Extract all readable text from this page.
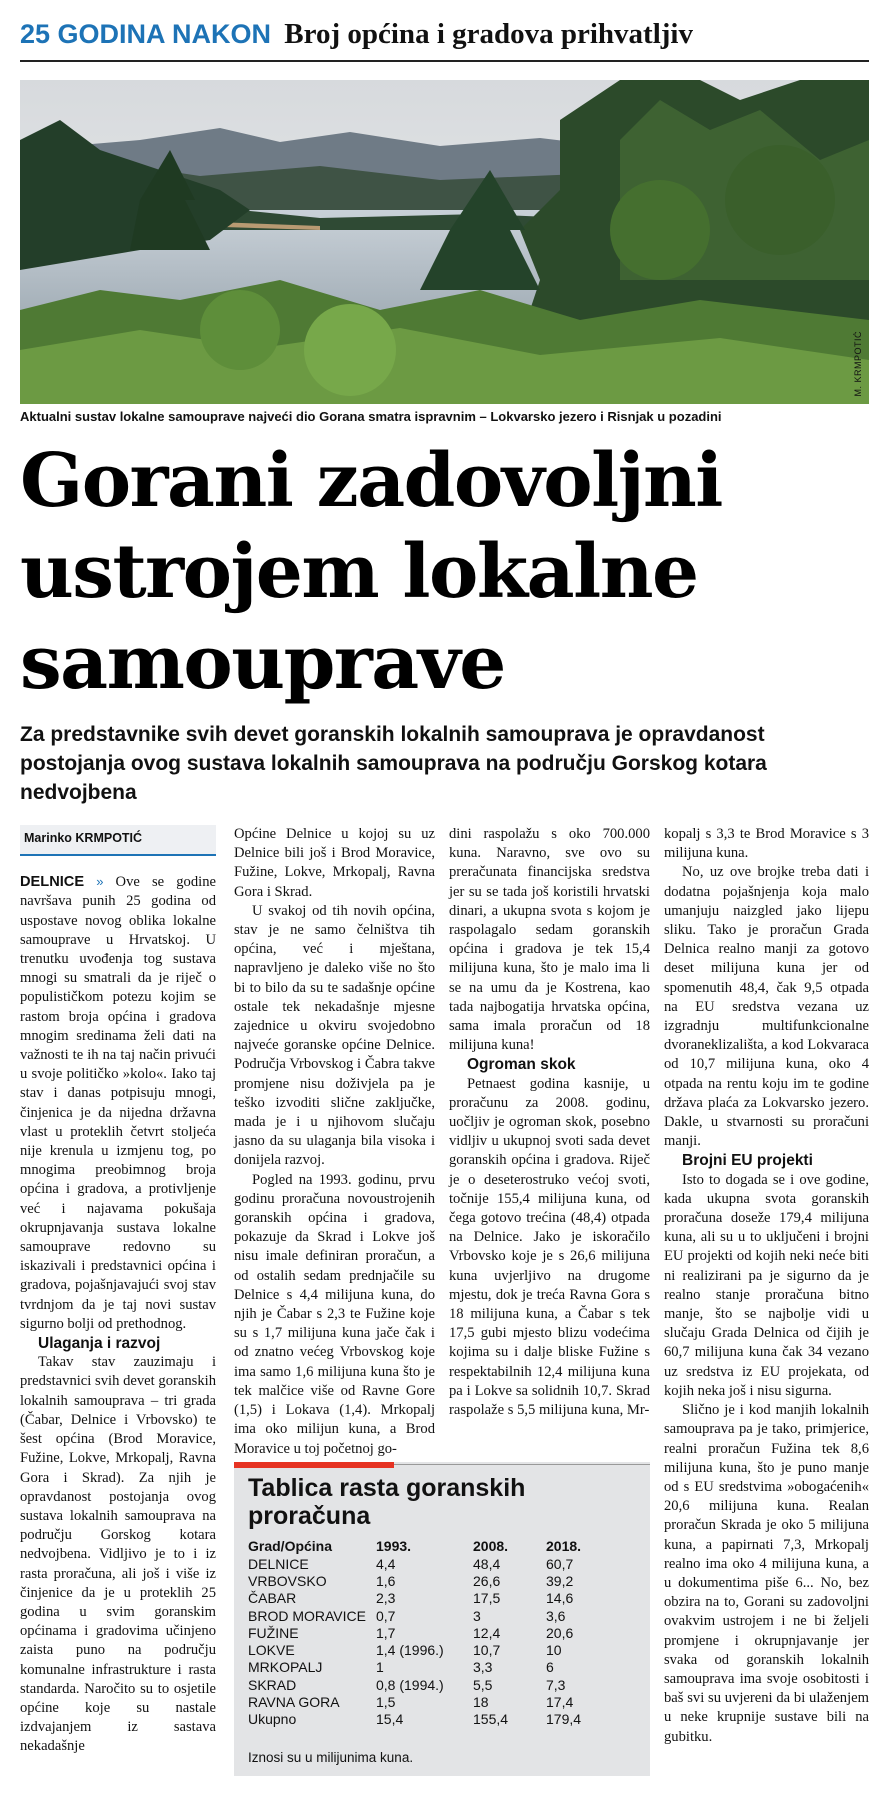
25 GODINA NAKON Broj općina i gradova prihvatljiv
M. KRMPOTIĆ
Aktualni sustav lokalne samouprave najveći dio Gorana smatra ispravnim – Lokvarsko jezero i Risnjak u pozadini
Gorani zadovoljni ustrojem lokalne samouprave

Za predstavnike svih devet goranskih lokalnih samouprava je opravdanost postojanja ovog sustava lokalnih samouprava na području Gorskog kotara nedvojbena

Marinko KRMPOTIĆ

DELNICE » Ove se godine navršava punih 25 godina od uspostave novog oblika lokalne samouprave u Hrvatskoj. U trenutku uvođenja tog sustava mnogi su smatrali da je riječ o populističkom potezu kojim se rastom broja općina i gradova mnogim sredinama želi dati na važnosti te ih na taj način privući u svoje političko »kolo«. Iako taj stav i danas potpisuju mnogi, činjenica je da nijedna državna vlast u proteklih četvrt stoljeća nije krenula u izmjenu tog, po mnogima preobimnog broja općina i gradova, a protivljenje već i najavama pokušaja okrupnjavanja sustava lokalne samouprave redovno su iskazivali i predstavnici općina i gradova, pojašnjavajući svoj stav tvrdnjom da je taj novi sustav sigurno bolji od prethodnog.

Ulaganja i razvoj

Takav stav zauzimaju i predstavnici svih devet goranskih lokalnih samouprava – tri grada (Čabar, Delnice i Vrbovsko) te šest općina (Brod Moravice, Fužine, Lokve, Mrkopalj, Ravna Gora i Skrad). Za njih je opravdanost postojanja ovog sustava lokalnih samouprava na području Gorskog kotara nedvojbena. Vidljivo je to i iz rasta proračuna, ali još i više iz činjenice da je u proteklih 25 godina u svim goranskim općinama i gradovima učinjeno zaista puno na području komunalne infrastrukture i rasta standarda. Naročito su to osjetile općine koje su nastale izdvajanjem iz sastava nekadašnje

Općine Delnice u kojoj su uz Delnice bili još i Brod Moravice, Fužine, Lokve, Mrkopalj, Ravna Gora i Skrad.

U svakoj od tih novih općina, stav je ne samo čelništva tih općina, već i mještana, napravljeno je daleko više no što bi to bilo da su te sadašnje općine ostale tek nekadašnje mjesne zajednice u okviru svojedobno najveće goranske općine Delnice. Područja Vrbovskog i Čabra takve promjene nisu doživjela pa je teško izvoditi slične zaključke, mada je i u njihovom slučaju jasno da su ulaganja bila visoka i donijela razvoj.

Pogled na 1993. godinu, prvu godinu proračuna novoustrojenih goranskih općina i gradova, pokazuje da Skrad i Lokve još nisu imale definiran proračun, a od ostalih sedam prednjačile su Delnice s 4,4 milijuna kuna, do njih je Čabar s 2,3 te Fužine koje su s 1,7 milijuna kuna jače čak i od znatno većeg Vrbovskog koje ima samo 1,6 milijuna kuna što je tek malčice više od Ravne Gore (1,5) i Lokava (1,4). Mrkopalj ima oko milijun kuna, a Brod Moravice u toj početnoj go-

dini raspolažu s oko 700.000 kuna. Naravno, sve ovo su preračunata financijska sredstva jer su se tada još koristili hrvatski dinari, a ukupna svota s kojom je raspolagalo sedam goranskih općina i gradova je tek 15,4 milijuna kuna, što je malo ima li se na umu da je Kostrena, kao tada najbogatija hrvatska općina, sama imala proračun od 18 milijuna kuna!

Ogroman skok

Petnaest godina kasnije, u proračunu za 2008. godinu, uočljiv je ogroman skok, posebno vidljiv u ukupnoj svoti sada devet goranskih općina i gradova. Riječ je o deseterostruko većoj svoti, točnije 155,4 milijuna kuna, od čega gotovo trećina (48,4) otpada na Delnice. Jako je iskoračilo Vrbovsko koje je s 26,6 milijuna kuna uvjerljivo na drugome mjestu, dok je treća Ravna Gora s 18 milijuna kuna, a Čabar s tek 17,5 gubi mjesto blizu vodećima kojima su i dalje bliske Fužine s respektabilnih 12,4 milijuna kuna pa i Lokve sa solidnih 10,7. Skrad raspolaže s 5,5 milijuna kuna, Mr-

kopalj s 3,3 te Brod Moravice s 3 milijuna kuna.

No, uz ove brojke treba dati i dodatna pojašnjenja koja malo umanjuju naizgled jako lijepu sliku. Tako je proračun Grada Delnica realno manji za gotovo deset milijuna kuna jer od spomenutih 48,4, čak 9,5 otpada na EU sredstva vezana uz izgradnju multifunkcionalne dvoraneklizališta, a kod Lokvaraca od 10,7 milijuna kuna, oko 4 otpada na rentu koju im te godine država plaća za Lokvarsko jezero. Dakle, u stvarnosti su proračuni manji.

Brojni EU projekti

Isto to dogada se i ove godine, kada ukupna svota goranskih proračuna doseže 179,4 milijuna kuna, ali su u to uključeni i brojni EU projekti od kojih neki neće biti ni realizirani pa je sigurno da je realno stanje proračuna bitno manje, što se najbolje vidi u slučaju Grada Delnica od čijih je 60,7 milijuna kuna čak 34 vezano uz sredstva iz EU projekata, od kojih neka još i nisu sigurna.

Slično je i kod manjih lokalnih samouprava pa je tako, primjerice, realni proračun Fužina tek 8,6 milijuna kuna, što je puno manje od s EU sredstvima »obogaćenih« 20,6 milijuna kuna. Realan proračun Skrada je oko 5 milijuna kuna, a papirnati 7,3, Mrkopalj realno ima oko 4 milijuna kuna, a u dokumentima piše 6... No, bez obzira na to, Gorani su zadovoljni ovakvim ustrojem i ne bi željeli promjene i okrupnjavanje jer svaka od goranskih lokalnih samouprava ima svoje osobitosti i baš svi su uvjereni da bi ulaženjem u neke krupnije sustave bili na gubitku.

Tablica rasta goranskih proračuna
Grad/Općina	1993.	2008.	2018.
DELNICE	4,4	48,4	60,7
VRBOVSKO	1,6	26,6	39,2
ČABAR	2,3	17,5	14,6
BROD MORAVICE	0,7	3	3,6
FUŽINE	1,7	12,4	20,6
LOKVE	1,4 (1996.)	10,7	10
MRKOPALJ	1	3,3	6
SKRAD	0,8 (1994.)	5,5	7,3
RAVNA GORA	1,5	18	17,4
Ukupno	15,4	155,4	179,4
Iznosi su u milijunima kuna.
